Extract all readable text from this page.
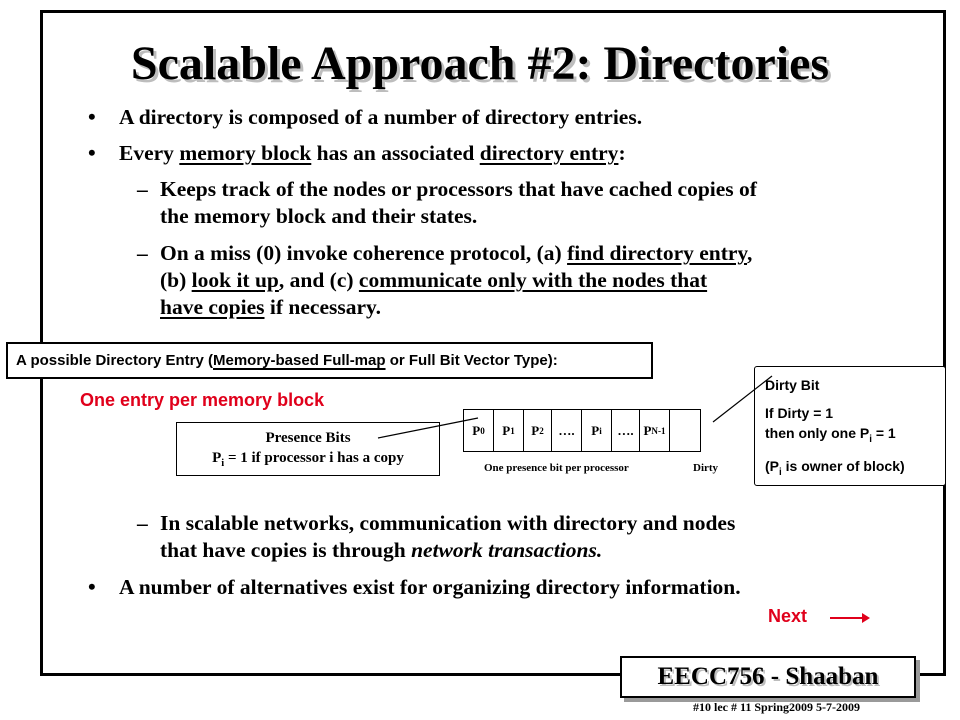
Scalable Approach #2: Directories
• A directory is composed of a number of directory entries.
• Every memory block has an associated directory entry:
– Keeps track of the nodes or processors that have cached copies of
the memory block and their states.
– On a miss (0) invoke coherence protocol, (a) find directory entry,
(b) look it up, and (c) communicate only with the nodes that
have copies if necessary.
A possible Directory Entry (Memory-based Full-map or Full Bit Vector Type):
One entry per memory block
Presence Bits
$P_i = 1$ if processor i has a copy
P 0 P 1 P 2	….	P i	…. P N-1
One presence bit per processor	Dirty
Dirty Bit
If Dirty = 1
then only one $P_i = 1$
($P_i$ is owner of block)
– In scalable networks, communication with directory and nodes
that have copies is through network transactions.
• A number of alternatives exist for organizing directory information.
Next
EECC756 - Shaaban
#10 lec # 11 Spring2009 5-7-2009
